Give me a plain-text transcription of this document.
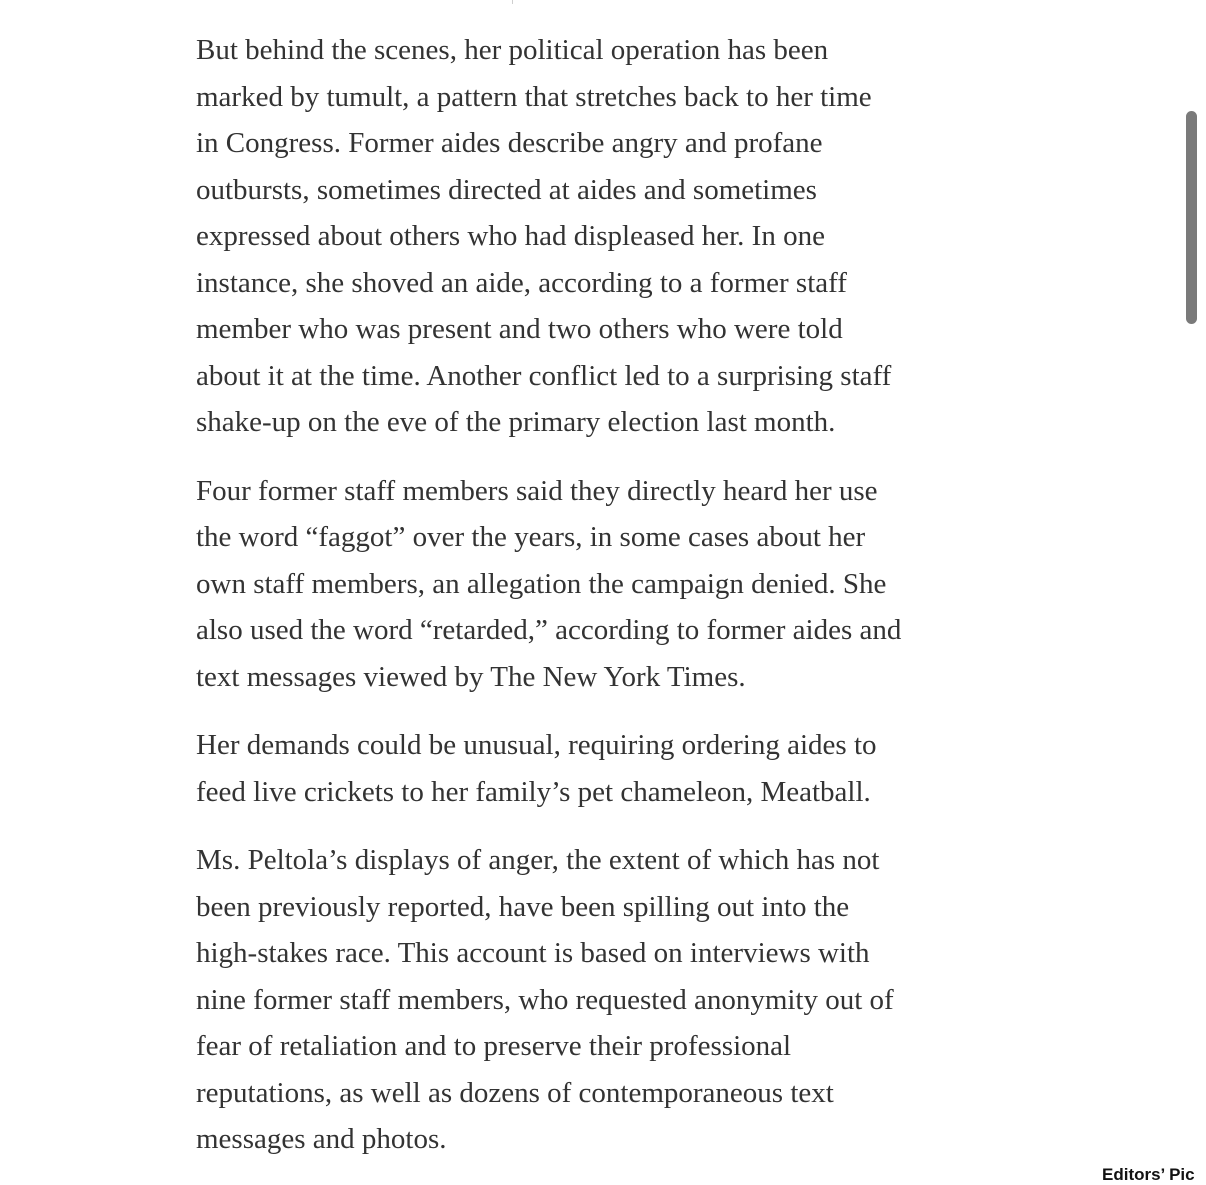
But behind the scenes, her political operation has been
marked by tumult, a pattern that stretches back to her time
in Congress. Former aides describe angry and profane
outbursts, sometimes directed at aides and sometimes
expressed about others who had displeased her. In one
instance, she shoved an aide, according to a former staff
member who was present and two others who were told
about it at the time. Another conflict led to a surprising staff
shake-up on the eve of the primary election last month.

Four former staff members said they directly heard her use
the word “faggot” over the years, in some cases about her
own staff members, an allegation the campaign denied. She
also used the word “retarded,” according to former aides and
text messages viewed by The New York Times.

Her demands could be unusual, requiring ordering aides to
feed live crickets to her family’s pet chameleon, Meatball.

Ms. Peltola’s displays of anger, the extent of which has not
been previously reported, have been spilling out into the
high-stakes race. This account is based on interviews with
nine former staff members, who requested anonymity out of
fear of retaliation and to preserve their professional
reputations, as well as dozens of contemporaneous text
messages and photos.

Editors’ Pic
